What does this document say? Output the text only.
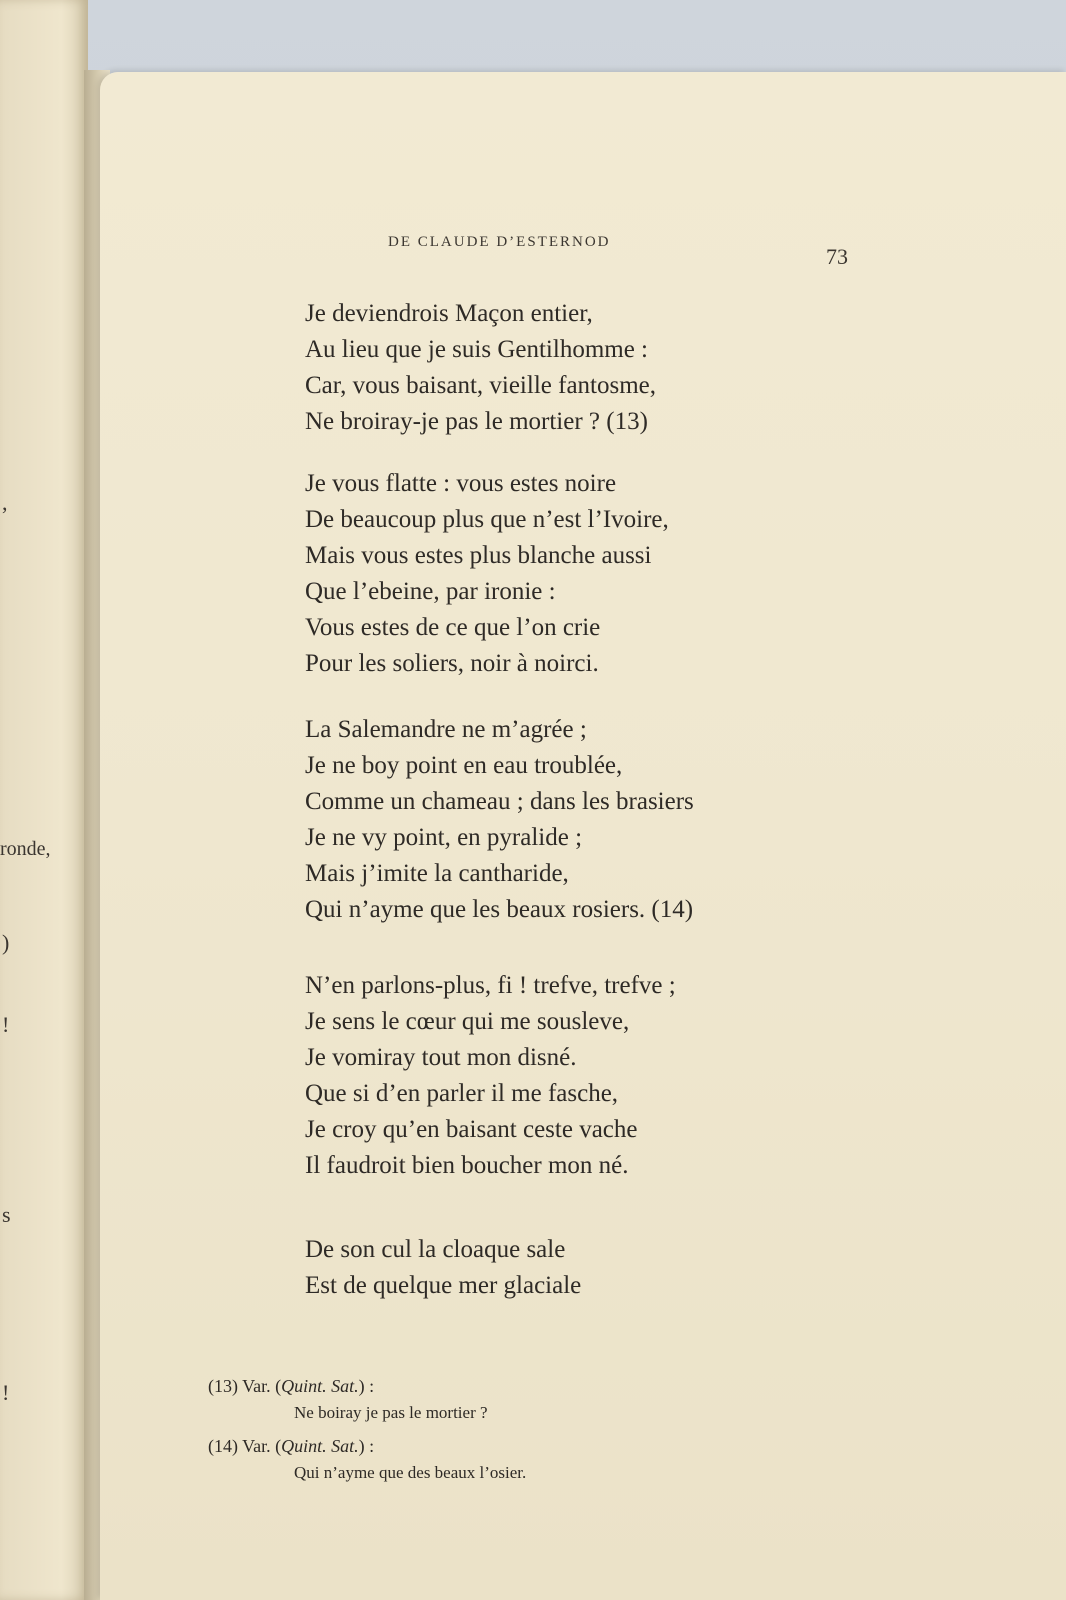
,
ronde,
)
!
s
!
DE CLAUDE D’ESTERNOD
73
Je deviendrois Maçon entier,
Au lieu que je suis Gentilhomme :
Car, vous baisant, vieille fantosme,
Ne broiray-je pas le mortier ? (13)
Je vous flatte : vous estes noire
De beaucoup plus que n’est l’Ivoire,
Mais vous estes plus blanche aussi
Que l’ebeine, par ironie :
Vous estes de ce que l’on crie
Pour les soliers, noir à noirci.
La Salemandre ne m’agrée ;
Je ne boy point en eau troublée,
Comme un chameau ; dans les brasiers
Je ne vy point, en pyralide ;
Mais j’imite la cantharide,
Qui n’ayme que les beaux rosiers. (14)
N’en parlons-plus, fi ! trefve, trefve ;
Je sens le cœur qui me sousleve,
Je vomiray tout mon disné.
Que si d’en parler il me fasche,
Je croy qu’en baisant ceste vache
Il faudroit bien boucher mon né.
De son cul la cloaque sale
Est de quelque mer glaciale
(13) Var. (Quint. Sat.) :
Ne boiray je pas le mortier ?
(14) Var. (Quint. Sat.) :
Qui n’ayme que des beaux l’osier.
